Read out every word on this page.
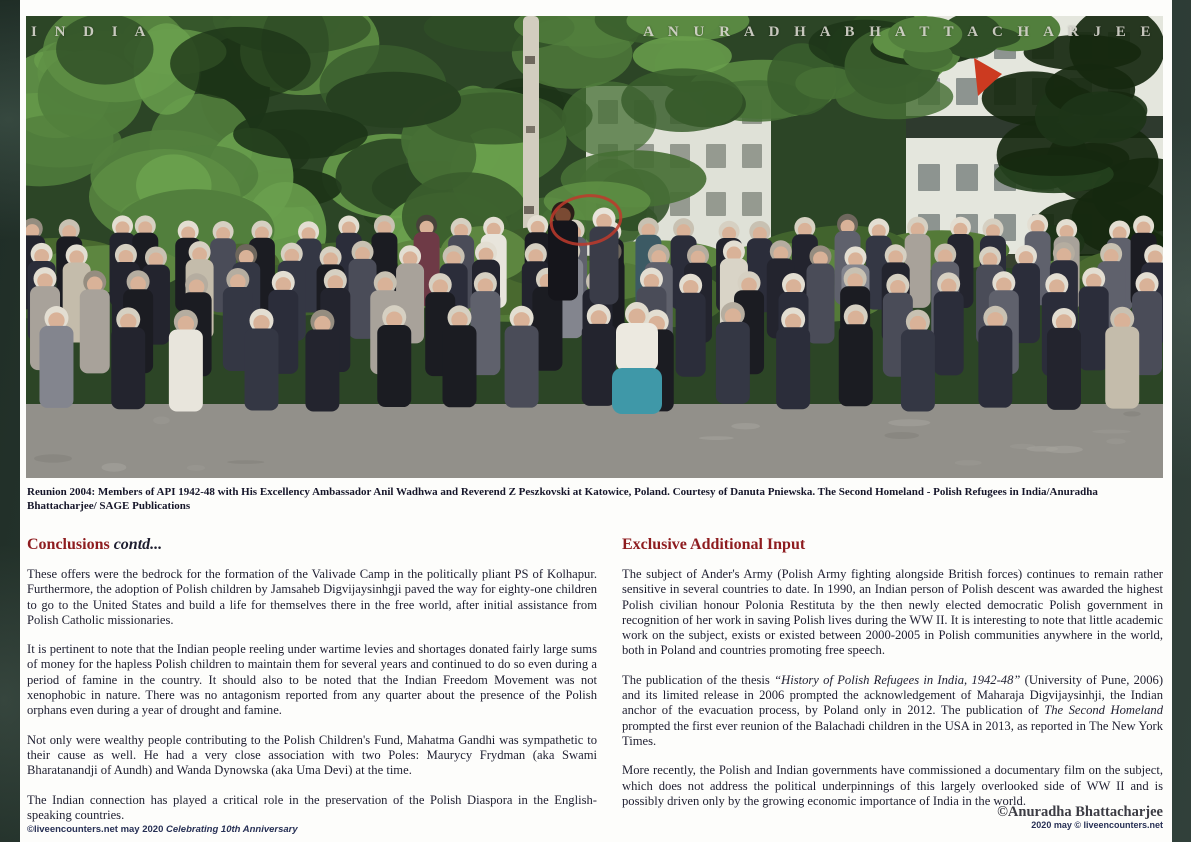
I N D I A	A N U R A D H A B H A T T A C H A R J E E
Reunion 2004: Members of API 1942-48 with His Excellency Ambassador Anil Wadhwa and Reverend Z Peszkovski at Katowice, Poland. Courtesy of Danuta Pniewska. The Second Homeland - Polish Refugees in India/Anuradha Bhattacharjee/ SAGE Publications
Conclusions contd...

These offers were the bedrock for the formation of the Valivade Camp in the politically pliant PS of Kolhapur. Furthermore, the adoption of Polish children by Jamsaheb Digvijaysinhgji paved the way for eighty-one children to go to the United States and build a life for themselves there in the free world, after initial assistance from Polish Catholic missionaries.

It is pertinent to note that the Indian people reeling under wartime levies and shortages donated fairly large sums of money for the hapless Polish children to maintain them for several years and continued to do so even during a period of famine in the country. It should also to be noted that the Indian Freedom Movement was not xenophobic in nature. There was no antagonism reported from any quarter about the presence of the Polish orphans even during a year of drought and famine.

Not only were wealthy people contributing to the Polish Children's Fund, Mahatma Gandhi was sympathetic to their cause as well. He had a very close association with two Poles: Maurycy Frydman (aka Swami Bharatanandji of Aundh) and Wanda Dynowska (aka Uma Devi) at the time.

The Indian connection has played a critical role in the preservation of the Polish Diaspora in the English-speaking countries.

Exclusive Additional Input

The subject of Ander's Army (Polish Army fighting alongside British forces) continues to remain rather sensitive in several countries to date. In 1990, an Indian person of Polish descent was awarded the highest Polish civilian honour Polonia Restituta by the then newly elected democratic Polish government in recognition of her work in saving Polish lives during the WW II. It is interesting to note that little academic work on the subject, exists or existed between 2000-2005 in Polish communities anywhere in the world, both in Poland and countries promoting free speech.

The publication of the thesis “History of Polish Refugees in India, 1942-48” (University of Pune, 2006) and its limited release in 2006 prompted the acknowledgement of Maharaja Digvijaysinhji, the Indian anchor of the evacuation process, by Poland only in 2012. The publication of The Second Homeland prompted the first ever reunion of the Balachadi children in the USA in 2013, as reported in The New York Times.

More recently, the Polish and Indian governments have commissioned a documentary film on the subject, which does not address the political underpinnings of this largely overlooked side of WW II and is possibly driven only by the growing economic importance of India in the world.

©liveencounters.net may 2020 Celebrating 10th Anniversary
©Anuradha Bhattacharjee
2020 may © liveencounters.net
